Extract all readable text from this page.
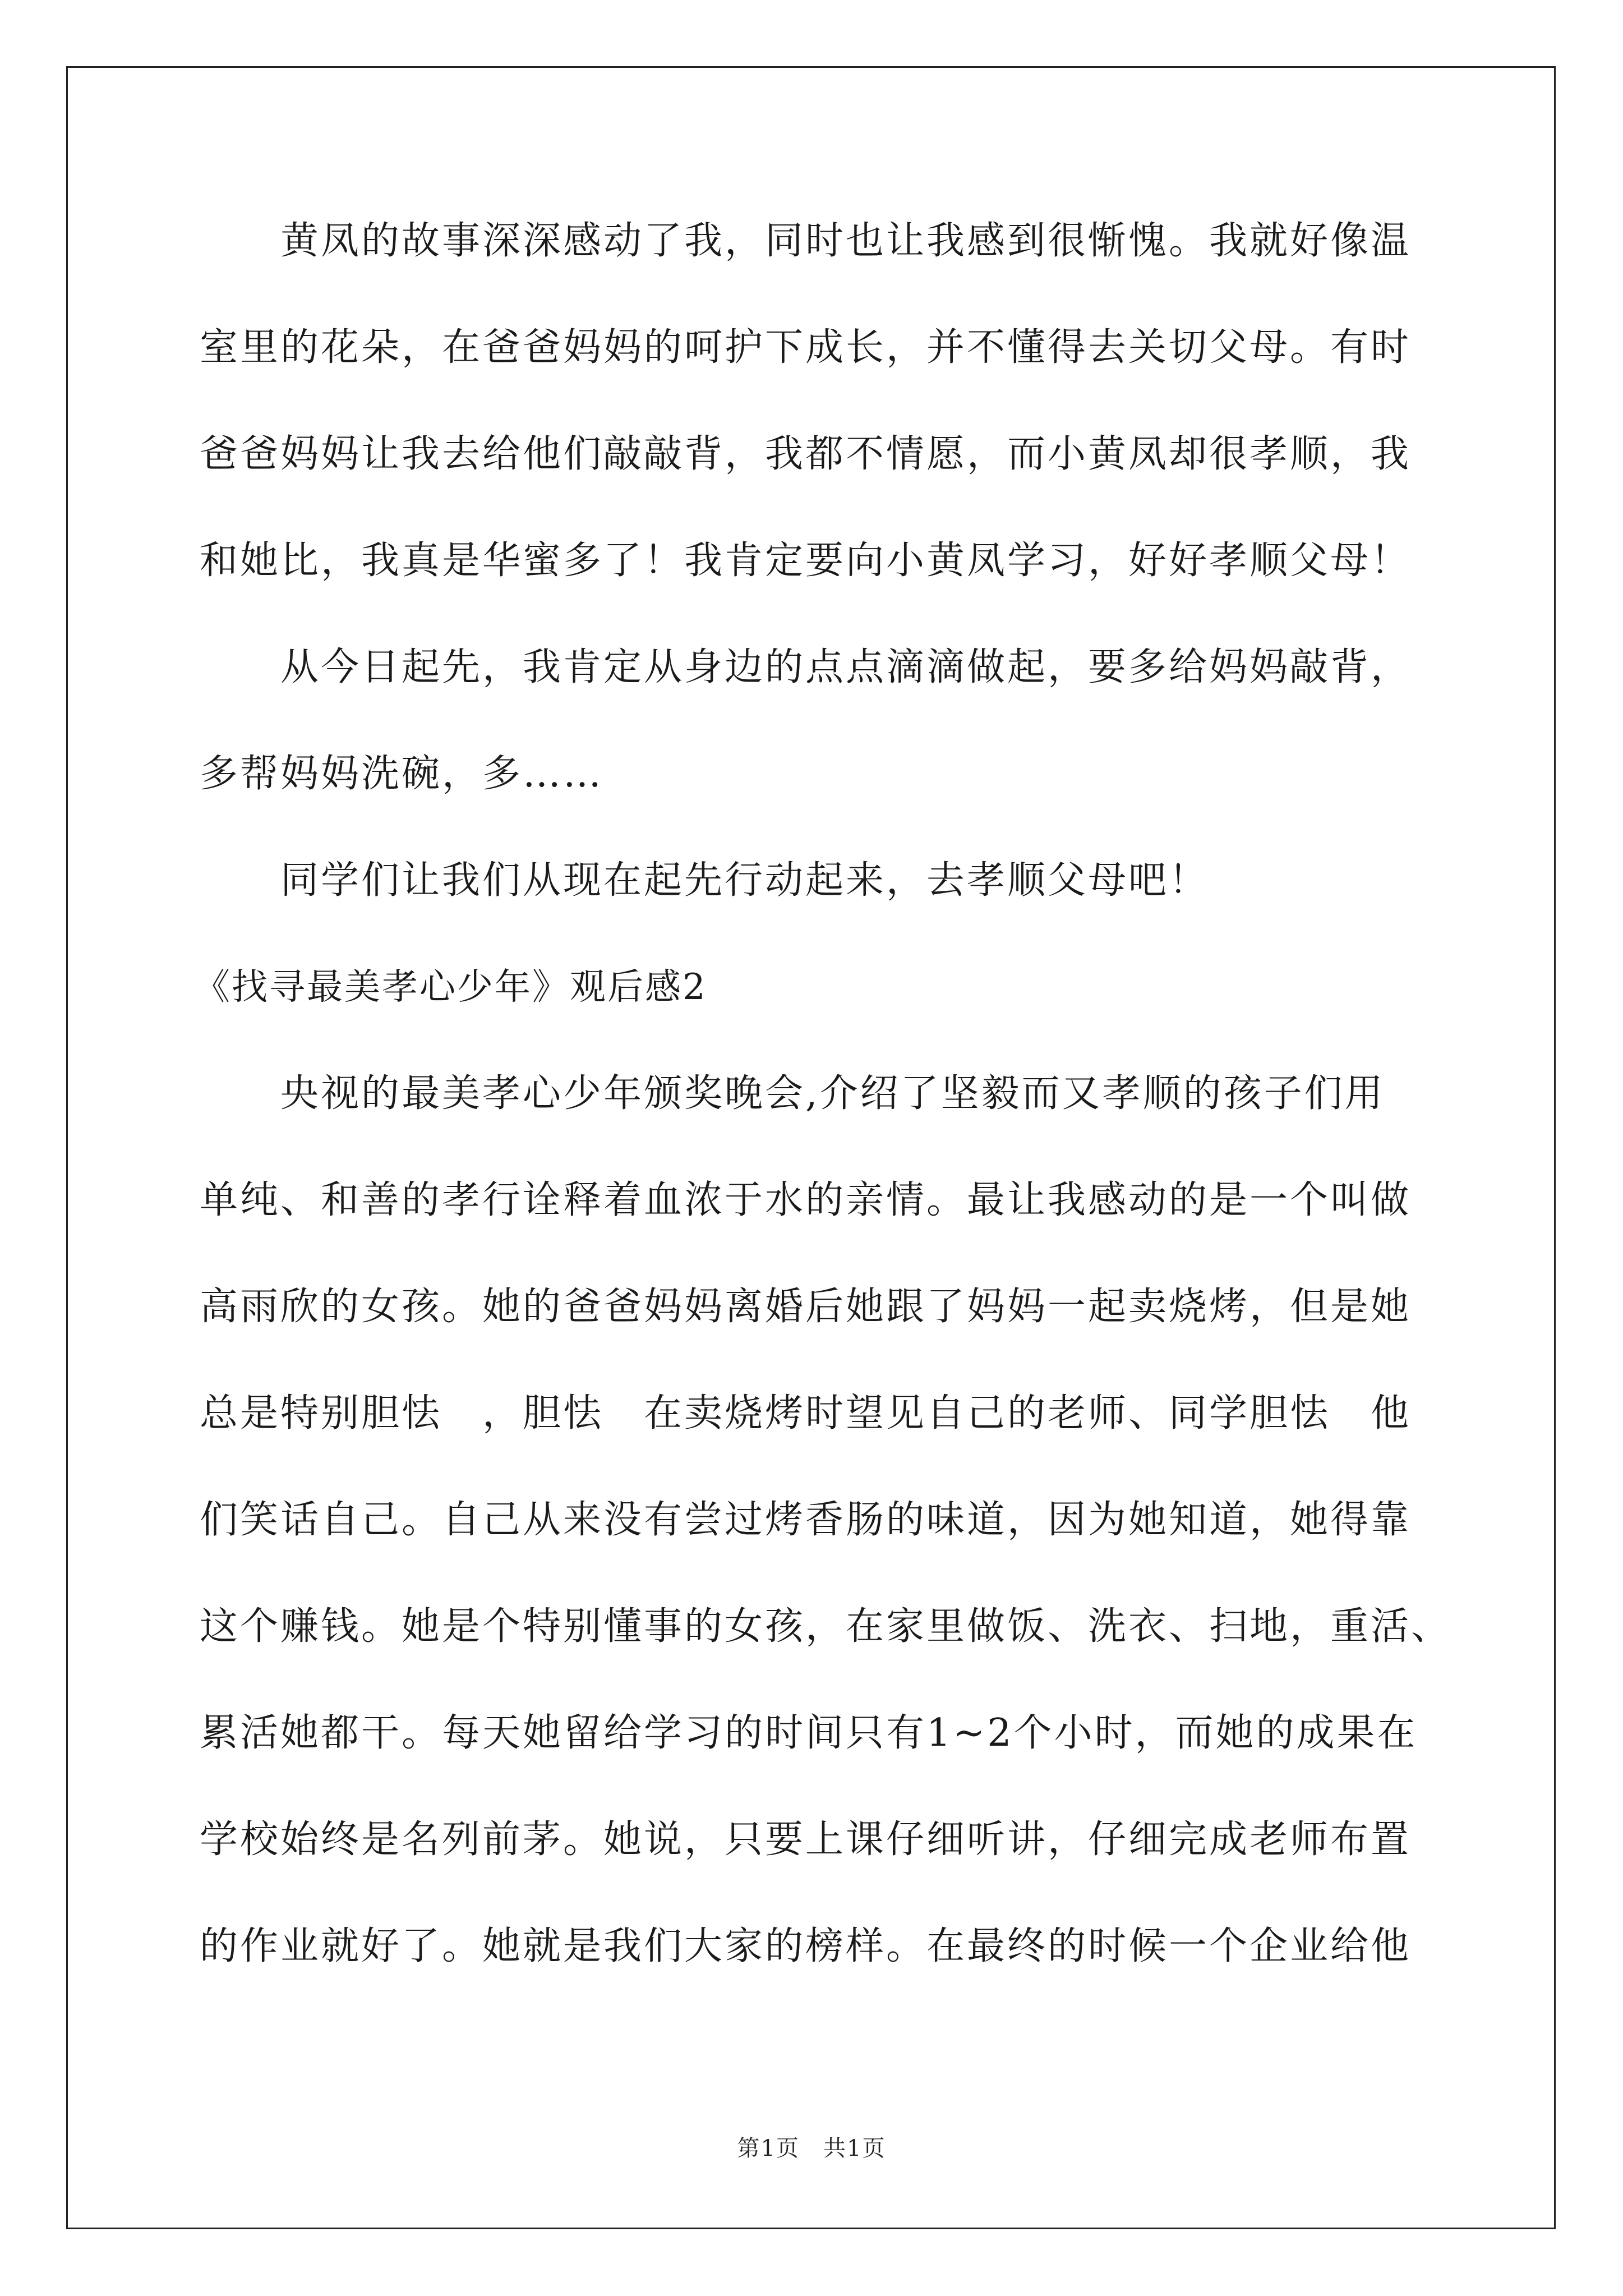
　　黄凤的故事深深感动了我，同时也让我感到很惭愧。我就好像温
室里的花朵，在爸爸妈妈的呵护下成长，并不懂得去关切父母。有时
爸爸妈妈让我去给他们敲敲背，我都不情愿，而小黄凤却很孝顺，我
和她比，我真是华蜜多了！我肯定要向小黄凤学习，好好孝顺父母！
　　从今日起先，我肯定从身边的点点滴滴做起，要多给妈妈敲背，
多帮妈妈洗碗，多……
　　同学们让我们从现在起先行动起来，去孝顺父母吧！
《找寻最美孝心少年》观后感2
　　央视的最美孝心少年颁奖晚会,介绍了坚毅而又孝顺的孩子们用
单纯、和善的孝行诠释着血浓于水的亲情。最让我感动的是一个叫做
高雨欣的女孩。她的爸爸妈妈离婚后她跟了妈妈一起卖烧烤，但是她
总是特别胆怯　，胆怯　在卖烧烤时望见自己的老师、同学胆怯　他
们笑话自己。自己从来没有尝过烤香肠的味道，因为她知道，她得靠
这个赚钱。她是个特别懂事的女孩，在家里做饭、洗衣、扫地，重活、
累活她都干。每天她留给学习的时间只有1~2个小时，而她的成果在
学校始终是名列前茅。她说，只要上课仔细听讲，仔细完成老师布置
的作业就好了。她就是我们大家的榜样。在最终的时候一个企业给他
第1页　共1页
